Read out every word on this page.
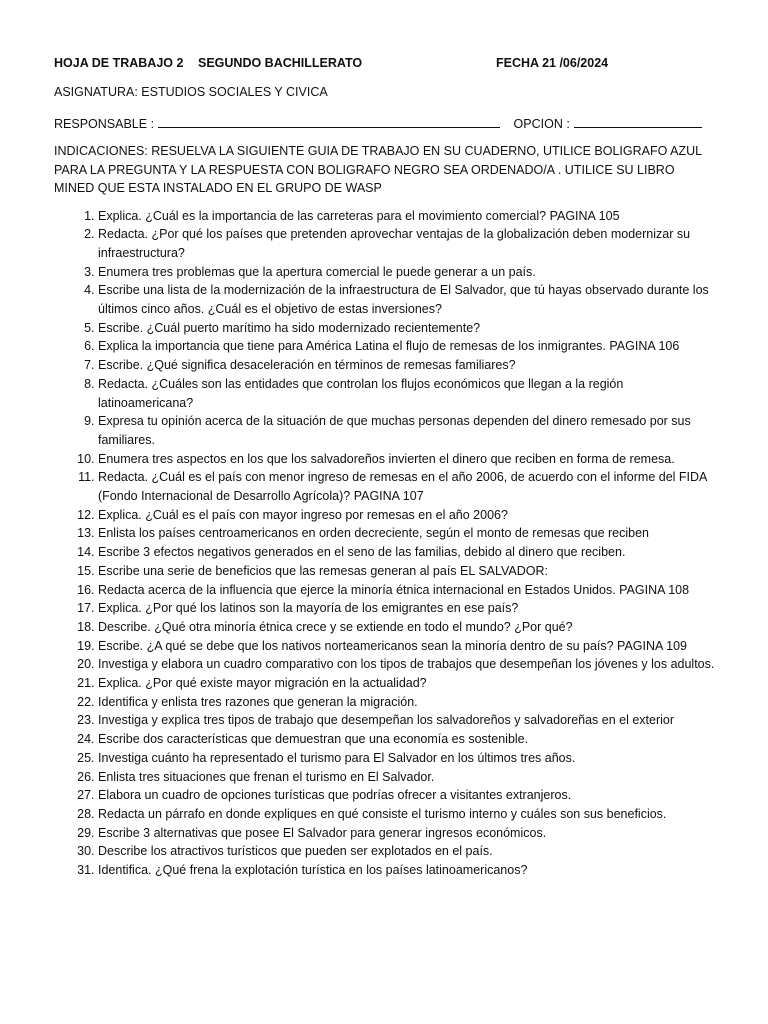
HOJA DE TRABAJO 2 SEGUNDO BACHILLERATO	FECHA 21 /06/2024
ASIGNATURA: ESTUDIOS SOCIALES Y CIVICA
RESPONSABLE :	OPCION :
INDICACIONES: RESUELVA LA SIGUIENTE GUIA DE TRABAJO EN SU CUADERNO, UTILICE BOLIGRAFO AZUL PARA LA PREGUNTA Y LA RESPUESTA CON BOLIGRAFO NEGRO SEA ORDENADO/A . UTILICE SU LIBRO MINED QUE ESTA INSTALADO EN EL GRUPO DE WASP
1. Explica. ¿Cuál es la importancia de las carreteras para el movimiento comercial? PAGINA 105
2. Redacta. ¿Por qué los países que pretenden aprovechar ventajas de la globalización deben modernizar su infraestructura?
3. Enumera tres problemas que la apertura comercial le puede generar a un país.
4. Escribe una lista de la modernización de la infraestructura de El Salvador, que tú hayas observado durante los últimos cinco años. ¿Cuál es el objetivo de estas inversiones?
5. Escribe. ¿Cuál puerto marítimo ha sido modernizado recientemente?
6. Explica la importancia que tiene para América Latina el flujo de remesas de los inmigrantes. PAGINA 106
7. Escribe. ¿Qué significa desaceleración en términos de remesas familiares?
8. Redacta. ¿Cuáles son las entidades que controlan los flujos económicos que llegan a la región latinoamericana?
9. Expresa tu opinión acerca de la situación de que muchas personas dependen del dinero remesado por sus familiares.
10. Enumera tres aspectos en los que los salvadoreños invierten el dinero que reciben en forma de remesa.
11. Redacta. ¿Cuál es el país con menor ingreso de remesas en el año 2006, de acuerdo con el informe del FIDA (Fondo Internacional de Desarrollo Agrícola)? PAGINA 107
12. Explica. ¿Cuál es el país con mayor ingreso por remesas en el año 2006?
13. Enlista los países centroamericanos en orden decreciente, según el monto de remesas que reciben
14. Escribe 3 efectos negativos generados en el seno de las familias, debido al dinero que reciben.
15. Escribe una serie de beneficios que las remesas generan al país EL SALVADOR:
16. Redacta acerca de la influencia que ejerce la minoría étnica internacional en Estados Unidos. PAGINA 108
17. Explica. ¿Por qué los latinos son la mayoría de los emigrantes en ese país?
18. Describe. ¿Qué otra minoría étnica crece y se extiende en todo el mundo? ¿Por qué?
19. Escribe. ¿A qué se debe que los nativos norteamericanos sean la minoría dentro de su país? PAGINA 109
20. Investiga y elabora un cuadro comparativo con los tipos de trabajos que desempeñan los jóvenes y los adultos.
21. Explica. ¿Por qué existe mayor migración en la actualidad?
22. Identifica y enlista tres razones que generan la migración.
23. Investiga y explica tres tipos de trabajo que desempeñan los salvadoreños y salvadoreñas en el exterior
24. Escribe dos características que demuestran que una economía es sostenible.
25. Investiga cuánto ha representado el turismo para El Salvador en los últimos tres años.
26. Enlista tres situaciones que frenan el turismo en El Salvador.
27. Elabora un cuadro de opciones turísticas que podrías ofrecer a visitantes extranjeros.
28. Redacta un párrafo en donde expliques en qué consiste el turismo interno y cuáles son sus beneficios.
29. Escribe 3 alternativas que posee El Salvador para generar ingresos económicos.
30. Describe los atractivos turísticos que pueden ser explotados en el país.
31. Identifica. ¿Qué frena la explotación turística en los países latinoamericanos?
